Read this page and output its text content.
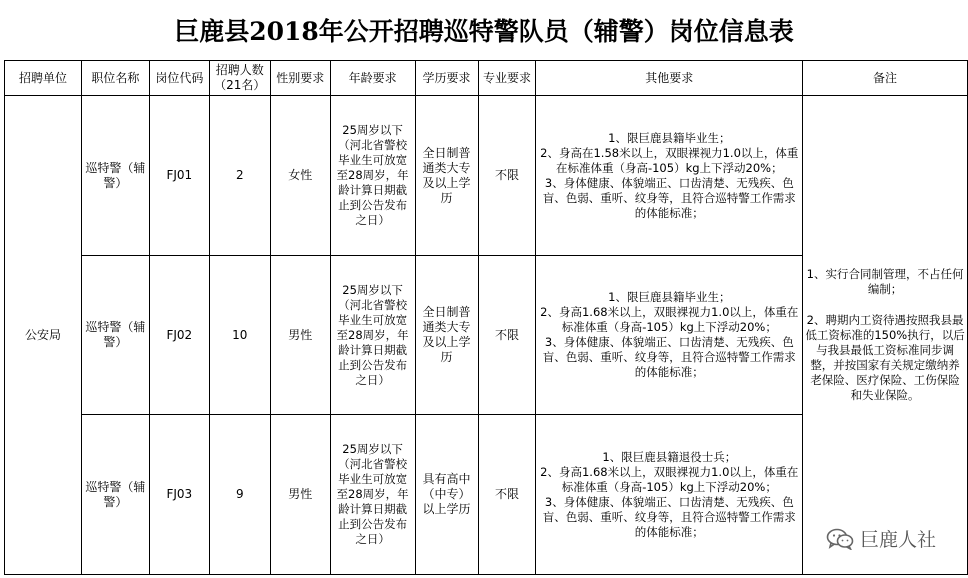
巨鹿县2018年公开招聘巡特警队员（辅警）岗位信息表
招聘单位	职位名称	岗位代码	招聘人数（21名）	性别要求	年龄要求	学历要求	专业要求	其他要求	备注
公安局	巡特警（辅警）	FJ01	2	女性	25周岁以下（河北省警校毕业生可放宽至28周岁，年龄计算日期截止到公告发布之日）	全日制普通类大专及以上学历	不限	1、限巨鹿县籍毕业生；
2、身高在1.58米以上，双眼裸视力1.0以上，体重在标准体重（身高-105）kg上下浮动20%；
3、身体健康、体貌端正、口齿清楚、无残疾、色盲、色弱、重听、纹身等，且符合巡特警工作需求的体能标准；	1、实行合同制管理，不占任何编制；
2、聘期内工资待遇按照我县最低工资标准的150%执行，以后与我县最低工资标准同步调整，并按国家有关规定缴纳养老保险、医疗保险、工伤保险和失业保险。

	巡特警（辅警）	FJ02	10	男性	25周岁以下（河北省警校毕业生可放宽至28周岁，年龄计算日期截止到公告发布之日）	全日制普通类大专及以上学历	不限	1、限巨鹿县籍毕业生；
2、身高1.68米以上，双眼裸视力1.0以上，体重在标准体重（身高-105）kg上下浮动20%；
3、身体健康、体貌端正、口齿清楚、无残疾、色盲、色弱、重听、纹身等，且符合巡特警工作需求的体能标准；	

	巡特警（辅警）	FJ03	9	男性	25周岁以下（河北省警校毕业生可放宽至28周岁，年龄计算日期截止到公告发布之日）	具有高中（中专）以上学历	不限	1、限巨鹿县籍退役士兵；
2、身高1.68米以上，双眼裸视力1.0以上，体重在标准体重（身高-105）kg上下浮动20%；
3、身体健康、体貌端正、口齿清楚、无残疾、色盲、色弱、重听、纹身等，且符合巡特警工作需求的体能标准；		巨鹿人社
